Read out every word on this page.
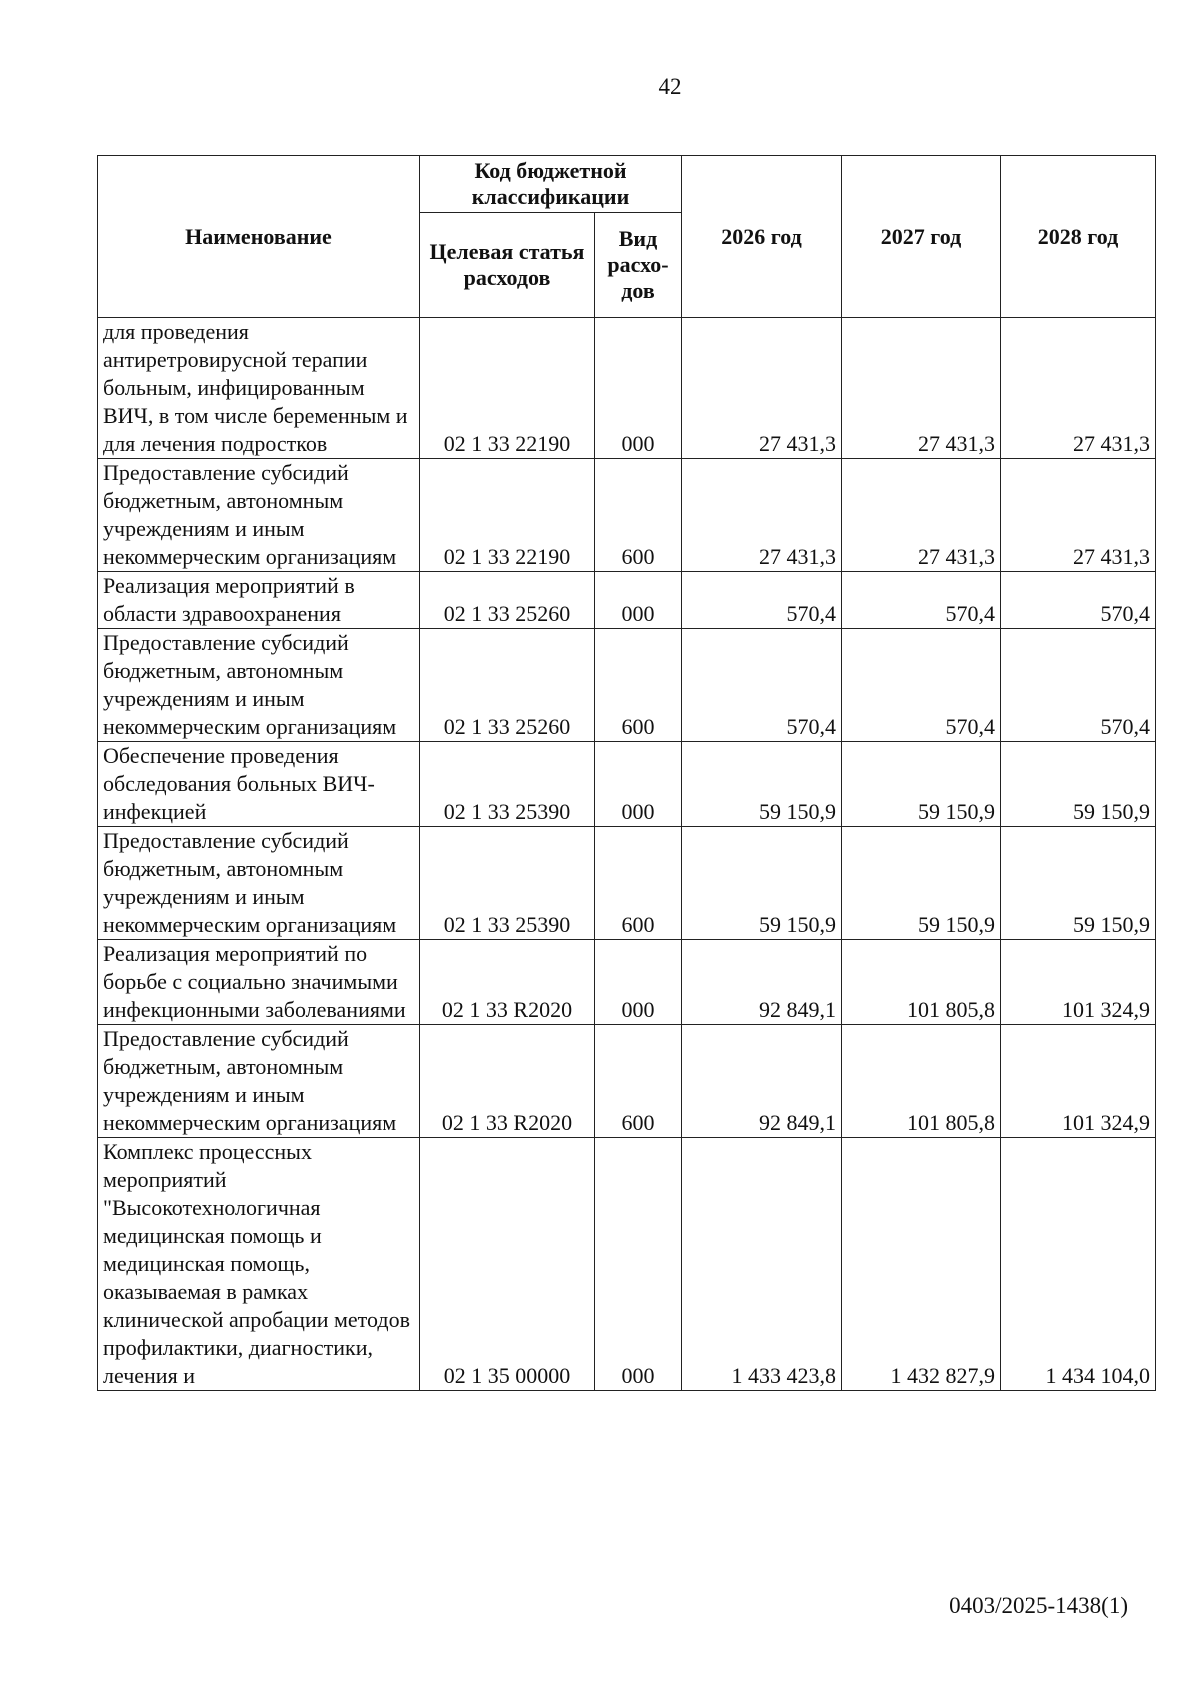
42
Наименование	Код бюджетной классификации		2026 год	2027 год	2028 год
	Целевая статья расходов	Вид расхо-дов			
для проведения антиретровирусной терапии больным, инфицированным ВИЧ, в том числе беременным и для лечения подростков	02 1 33 22190	000	27 431,3	27 431,3	27 431,3
Предоставление субсидий бюджетным, автономным учреждениям и иным некоммерческим организациям	02 1 33 22190	600	27 431,3	27 431,3	27 431,3
Реализация мероприятий в области здравоохранения	02 1 33 25260	000	570,4	570,4	570,4
Предоставление субсидий бюджетным, автономным учреждениям и иным некоммерческим организациям	02 1 33 25260	600	570,4	570,4	570,4
Обеспечение проведения обследования больных ВИЧ-инфекцией	02 1 33 25390	000	59 150,9	59 150,9	59 150,9
Предоставление субсидий бюджетным, автономным учреждениям и иным некоммерческим организациям	02 1 33 25390	600	59 150,9	59 150,9	59 150,9
Реализация мероприятий по борьбе с социально значимыми инфекционными заболеваниями	02 1 33 R2020	000	92 849,1	101 805,8	101 324,9
Предоставление субсидий бюджетным, автономным учреждениям и иным некоммерческим организациям	02 1 33 R2020	600	92 849,1	101 805,8	101 324,9
Комплекс процессных мероприятий "Высокотехнологичная медицинская помощь и медицинская помощь, оказываемая в рамках клинической апробации методов профилактики, диагностики, лечения и	02 1 35 00000	000	1 433 423,8	1 432 827,9	1 434 104,0
0403/2025-1438(1)
